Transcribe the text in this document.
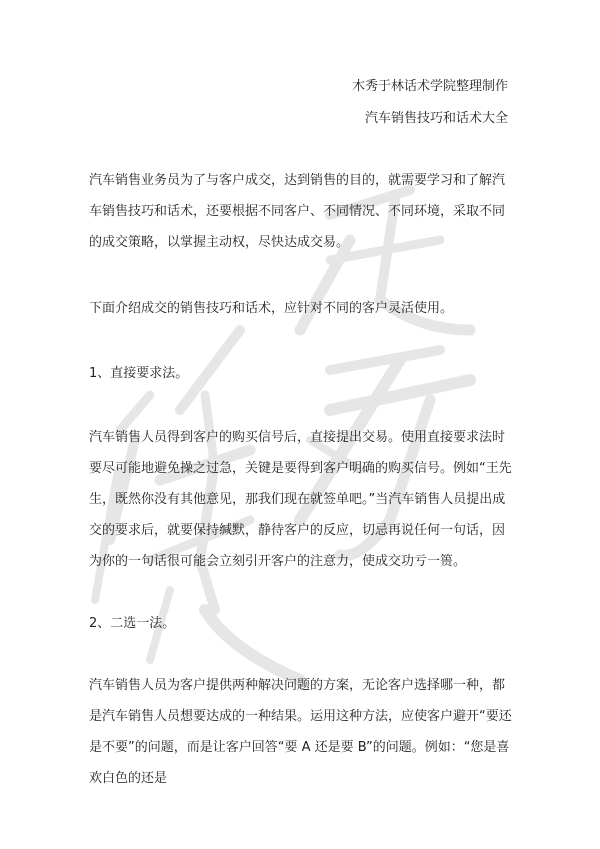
木秀于林话术学院整理制作
汽车销售技巧和话术大全

汽车销售业务员为了与客户成交，达到销售的目的，就需要学习和了解汽车销售技巧和话术，还要根据不同客户、不同情况、不同环境，采取不同的成交策略，以掌握主动权，尽快达成交易。

下面介绍成交的销售技巧和话术，应针对不同的客户灵活使用。

1、直接要求法。

汽车销售人员得到客户的购买信号后，直接提出交易。使用直接要求法时要尽可能地避免操之过急，关键是要得到客户明确的购买信号。例如“王先生，既然你没有其他意见，那我们现在就签单吧。”当汽车销售人员提出成交的要求后，就要保持缄默，静待客户的反应，切忌再说任何一句话，因为你的一句话很可能会立刻引开客户的注意力，使成交功亏一篑。

2、二选一法。

汽车销售人员为客户提供两种解决问题的方案，无论客户选择哪一种，都是汽车销售人员想要达成的一种结果。运用这种方法，应使客户避开“要还是不要”的问题，而是让客户回答“要 A 还是要 B”的问题。例如：“您是喜欢白色的还是
